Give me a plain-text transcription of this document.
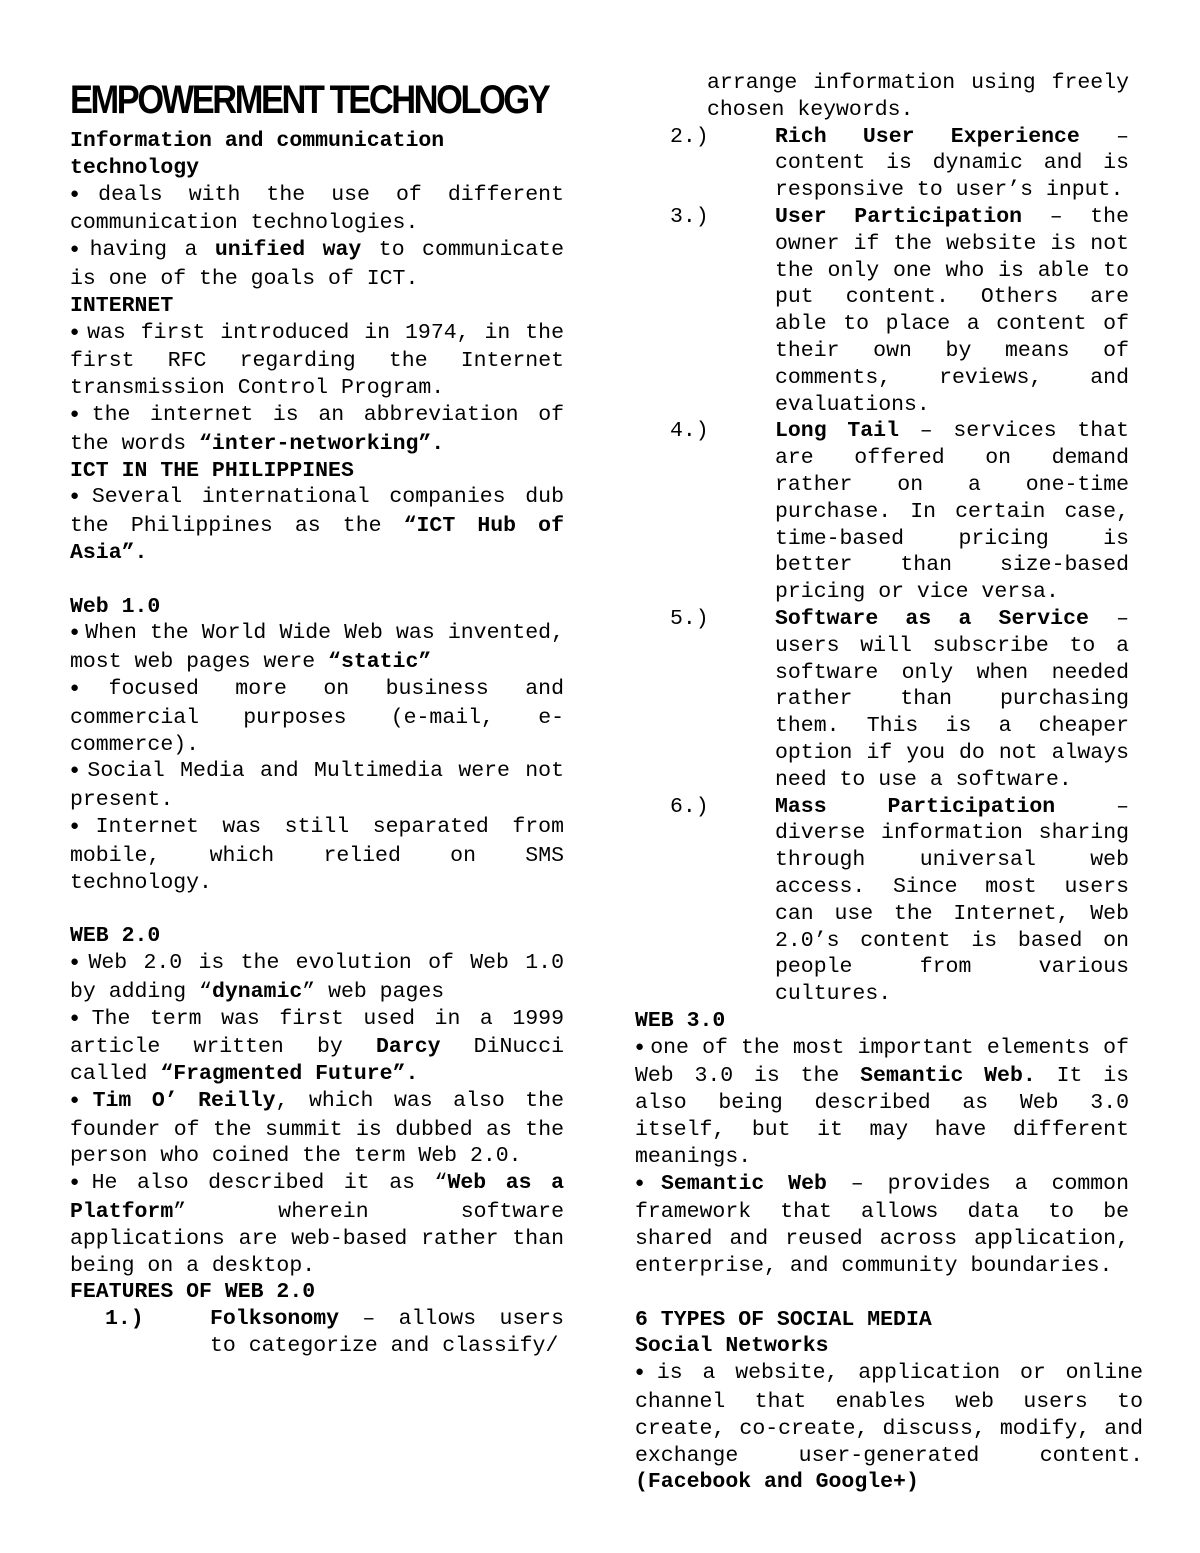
EMPOWERMENT TECHNOLOGY
Information and communication technology

● deals with the use of different communication technologies.

● having a unified way to communicate is one of the goals of ICT.

INTERNET

● was first introduced in 1974, in the first RFC regarding the Internet transmission Control Program.

● the internet is an abbreviation of the words “inter-networking”.

ICT IN THE PHILIPPINES

● Several international companies dub the Philippines as the “ICT Hub of Asia”.

Web 1.0

● When the World Wide Web was invented, most web pages were “static”

● focused more on business and commercial purposes (e-mail, e-commerce).

● Social Media and Multimedia were not present.

● Internet was still separated from mobile, which relied on SMS technology.

WEB 2.0

● Web 2.0 is the evolution of Web 1.0 by adding “dynamic” web pages

● The term was first used in a 1999 article written by Darcy DiNucci called “Fragmented Future”.

● Tim O’ Reilly, which was also the founder of the summit is dubbed as the person who coined the term Web 2.0.

● He also described it as “Web as a Platform” wherein software applications are web-based rather than being on a desktop.

FEATURES OF WEB 2.0
1.)	Folksonomy – allows users to categorize and classify/

arrange information using freely chosen keywords.

2.)	Rich User Experience – content is dynamic and is responsive to user’s input.
3.)	User Participation – the owner if the website is not the only one who is able to put content. Others are able to place a content of their own by means of comments, reviews, and evaluations.
4.)	Long Tail – services that are offered on demand rather on a one-time purchase. In certain case, time-based pricing is better than size-based pricing or vice versa.
5.)	Software as a Service – users will subscribe to a software only when needed rather than purchasing them. This is a cheaper option if you do not always need to use a software.
6.)	Mass Participation – diverse information sharing through universal web access. Since most users can use the Internet, Web 2.0’s content is based on people from various cultures.
WEB 3.0

● one of the most important elements of Web 3.0 is the Semantic Web. It is also being described as Web 3.0 itself, but it may have different meanings.

● Semantic Web – provides a common framework that allows data to be shared and reused across application, enterprise, and community boundaries.

6 TYPES OF SOCIAL MEDIA
Social Networks

● is a website, application or online channel that enables web users to create, co-create, discuss, modify, and exchange user-generated content. (Facebook and Google+)
